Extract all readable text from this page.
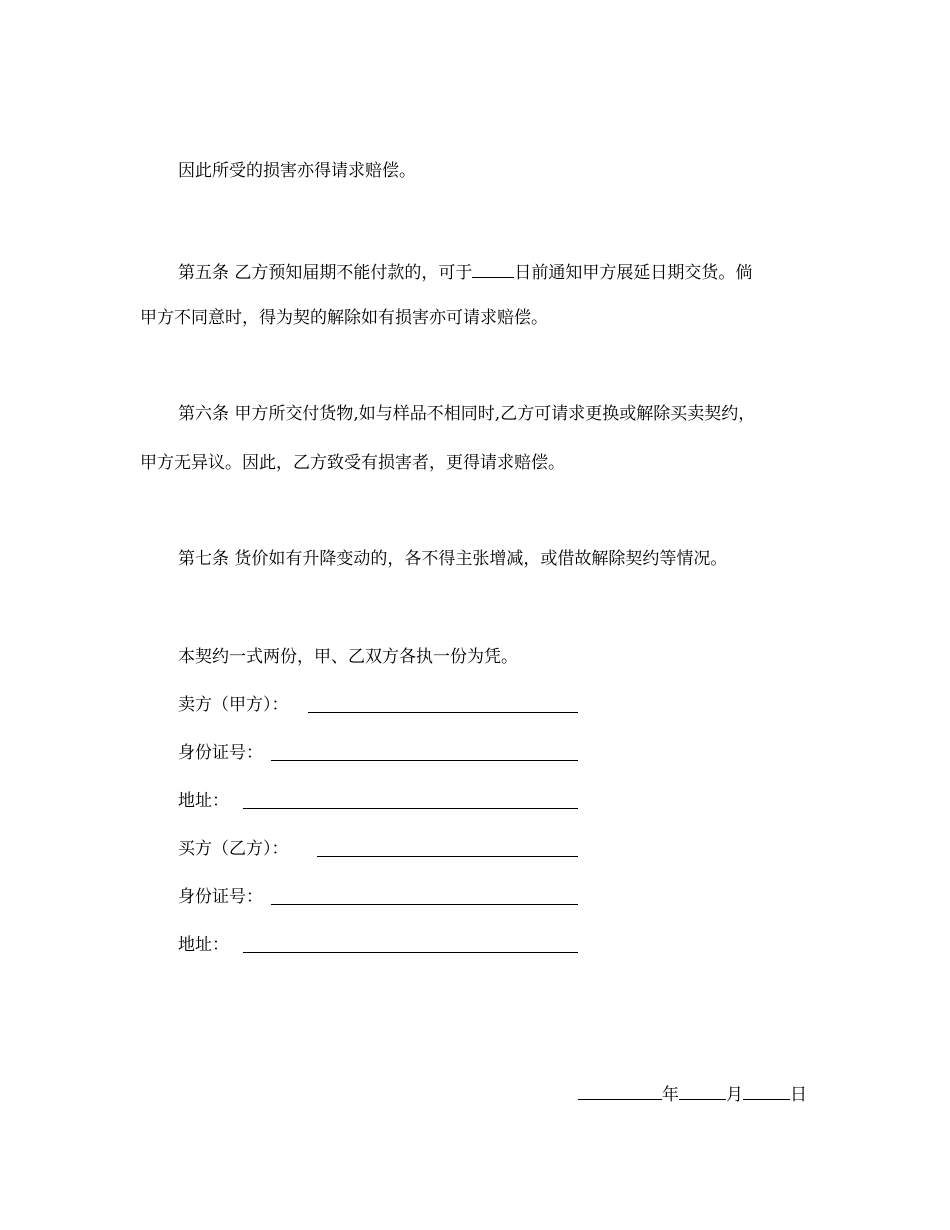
因此所受的损害亦得请求赔偿。
第五条 乙方预知届期不能付款的，可于 日前通知甲方展延日期交货。倘
甲方不同意时，得为契的解除如有损害亦可请求赔偿。
第六条 甲方所交付货物,如与样品不相同时,乙方可请求更换或解除买卖契约，
甲方无异议。因此，乙方致受有损害者，更得请求赔偿。
第七条 货价如有升降变动的，各不得主张增减，或借故解除契约等情况。
本契约一式两份，甲、乙双方各执一份为凭。
卖方（甲方）：
身份证号：
地址：
买方（乙方）：
身份证号：
地址：
年	月	日
